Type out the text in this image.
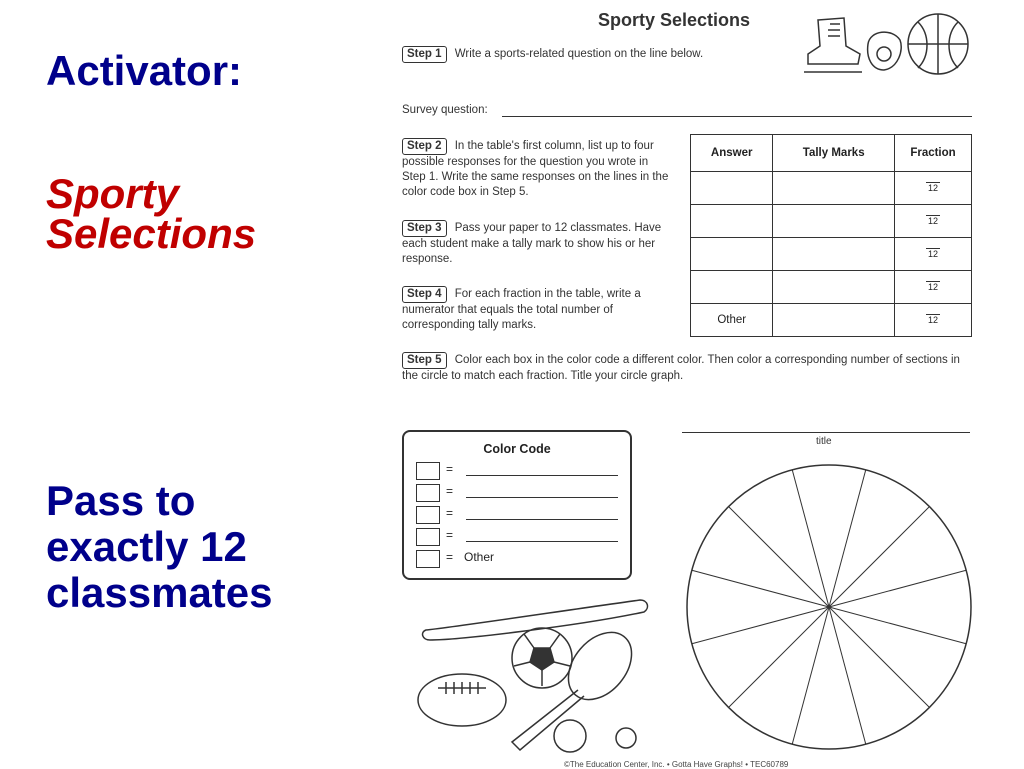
Activator:
Sporty
Selections
Pass to
exactly 12
classmates
Sporty Selections
Step 1 Write a sports-related question on the line below.
Survey question:
Step 2 In the table's first column, list up to four possible responses for the question you wrote in Step 1. Write the same responses on the lines in the color code box in Step 5.
Step 3 Pass your paper to 12 classmates. Have each student make a tally mark to show his or her response.
Step 4 For each fraction in the table, write a numerator that equals the total number of corresponding tally marks.
Answer	Tally Marks	Fraction
		12
		12
		12
		12
Other		12
Step 5 Color each box in the color code a different color. Then color a corresponding number of sections in the circle to match each fraction. Title your circle graph.
Color Code
=
=
=
=
= Other
title
©The Education Center, Inc. • Gotta Have Graphs! • TEC60789
